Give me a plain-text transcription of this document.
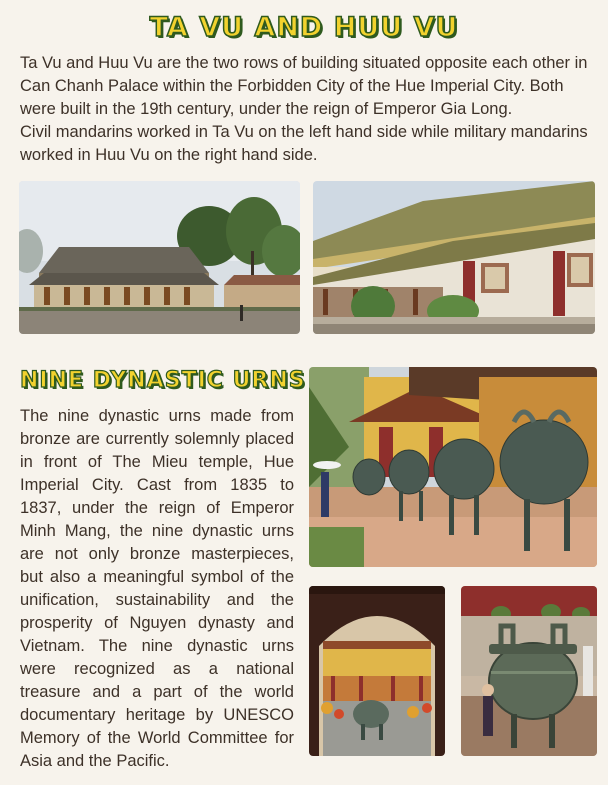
TA VU AND HUU VU

Ta Vu and Huu Vu are the two rows of building situated opposite each other in Can Chanh Palace within the Forbidden City of the Hue Imperial City. Both were built in the 19th century, under the reign of Emperor Gia Long.

Civil mandarins worked in Ta Vu on the left hand side while military mandarins worked in Huu Vu on the right hand side.

NINE DYNASTIC URNS
The nine dynastic urns made from bronze are currently solemnly placed in front of The Mieu temple, Hue Imperial City. Cast from 1835 to 1837, under the reign of Emperor Minh Mang, the nine dynastic urns are not only bronze masterpieces, but also a meaningful symbol of the unification, sustainability and the prosperity of Nguyen dynasty and Vietnam. The nine dynastic urns were recognized as a national treasure and a part of the world documentary heritage by UNESCO Memory of the World Committee for Asia and the Pacific.
